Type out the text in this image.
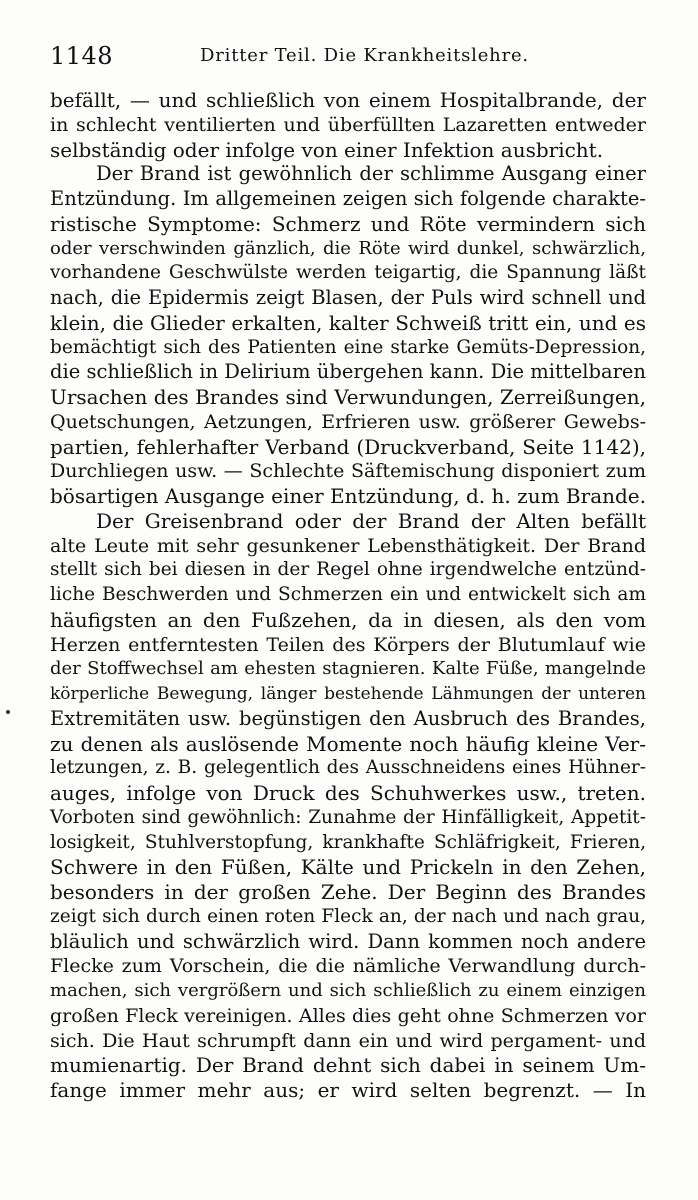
1148	Dritter Teil. Die Krankheitslehre.
befällt, — und schließlich von einem Hospitalbrande, der
in schlecht ventilierten und überfüllten Lazaretten entweder
selbständig oder infolge von einer Infektion ausbricht.
Der Brand ist gewöhnlich der schlimme Ausgang einer
Entzündung. Im allgemeinen zeigen sich folgende charakte-
ristische Symptome: Schmerz und Röte vermindern sich
oder verschwinden gänzlich, die Röte wird dunkel, schwärzlich,
vorhandene Geschwülste werden teigartig, die Spannung läßt
nach, die Epidermis zeigt Blasen, der Puls wird schnell und
klein, die Glieder erkalten, kalter Schweiß tritt ein, und es
bemächtigt sich des Patienten eine starke Gemüts-Depression,
die schließlich in Delirium übergehen kann. Die mittelbaren
Ursachen des Brandes sind Verwundungen, Zerreißungen,
Quetschungen, Aetzungen, Erfrieren usw. größerer Gewebs-
partien, fehlerhafter Verband (Druckverband, Seite 1142),
Durchliegen usw. — Schlechte Säftemischung disponiert zum
bösartigen Ausgange einer Entzündung, d. h. zum Brande.
Der Greisenbrand oder der Brand der Alten befällt
alte Leute mit sehr gesunkener Lebensthätigkeit. Der Brand
stellt sich bei diesen in der Regel ohne irgendwelche entzünd-
liche Beschwerden und Schmerzen ein und entwickelt sich am
häufigsten an den Fußzehen, da in diesen, als den vom
Herzen entferntesten Teilen des Körpers der Blutumlauf wie
der Stoffwechsel am ehesten stagnieren. Kalte Füße, mangelnde
körperliche Bewegung, länger bestehende Lähmungen der unteren
Extremitäten usw. begünstigen den Ausbruch des Brandes,
zu denen als auslösende Momente noch häufig kleine Ver-
letzungen, z. B. gelegentlich des Ausschneidens eines Hühner-
auges, infolge von Druck des Schuhwerkes usw., treten.
Vorboten sind gewöhnlich: Zunahme der Hinfälligkeit, Appetit-
losigkeit, Stuhlverstopfung, krankhafte Schläfrigkeit, Frieren,
Schwere in den Füßen, Kälte und Prickeln in den Zehen,
besonders in der großen Zehe. Der Beginn des Brandes
zeigt sich durch einen roten Fleck an, der nach und nach grau,
bläulich und schwärzlich wird. Dann kommen noch andere
Flecke zum Vorschein, die die nämliche Verwandlung durch-
machen, sich vergrößern und sich schließlich zu einem einzigen
großen Fleck vereinigen. Alles dies geht ohne Schmerzen vor
sich. Die Haut schrumpft dann ein und wird pergament- und
mumienartig. Der Brand dehnt sich dabei in seinem Um-
fange immer mehr aus; er wird selten begrenzt. — In
